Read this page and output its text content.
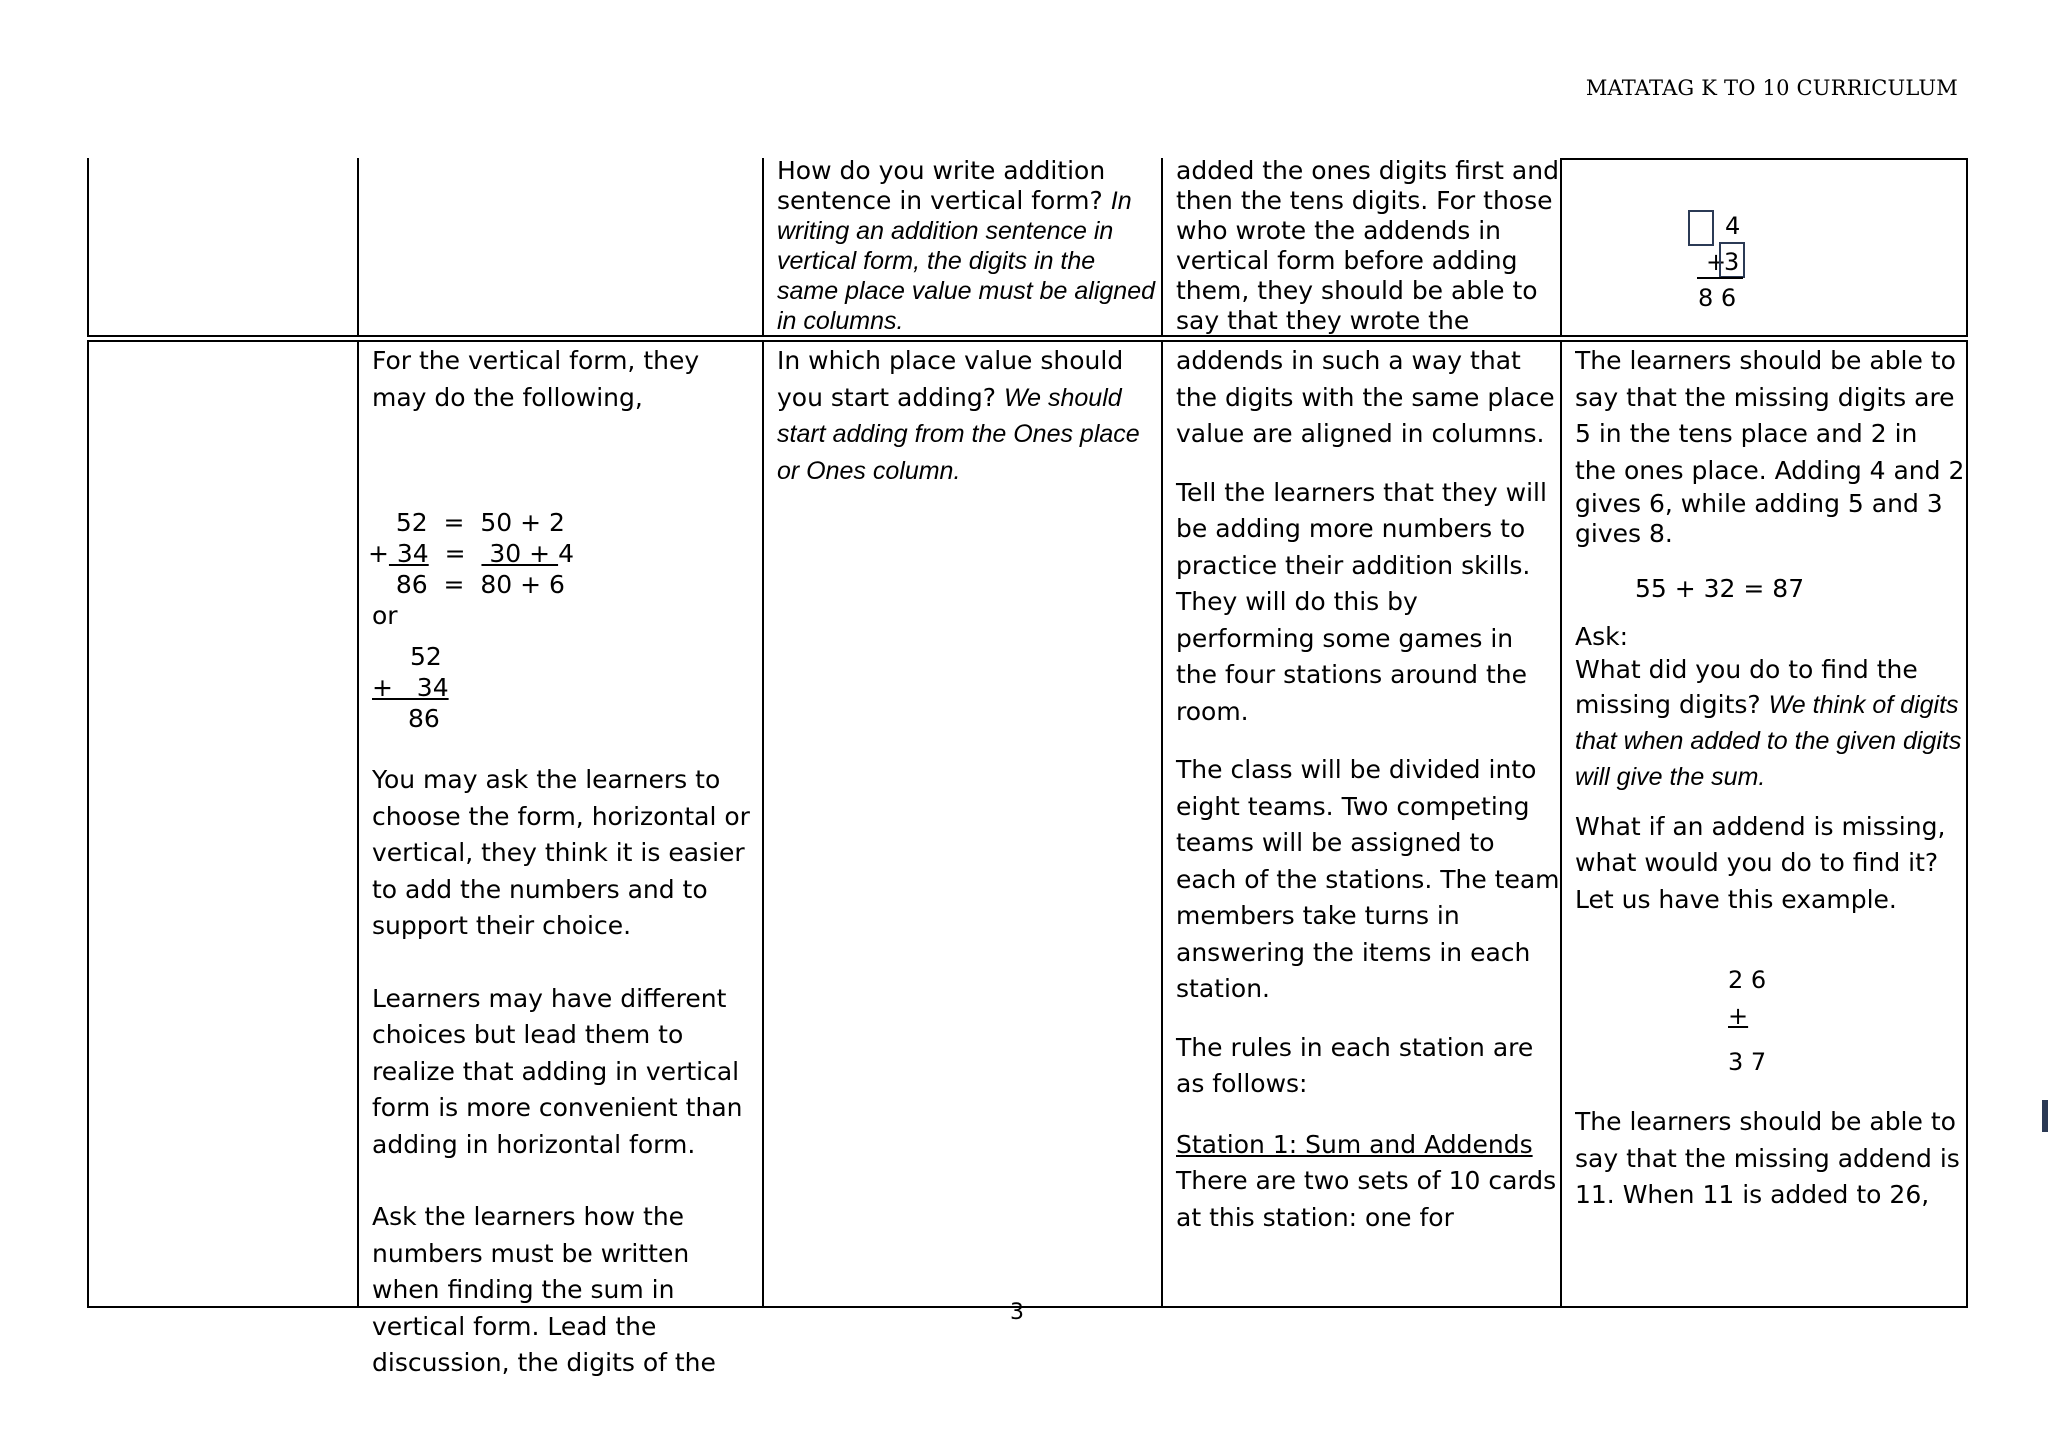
MATATAG K TO 10 CURRICULUM

How do you write addition sentence in vertical form? In writing an addition sentence in vertical form, the digits in the same place value must be aligned in columns.

added the ones digits first and then the tens digits. For those who wrote the addends in vertical form before adding them, they should be able to say that they wrote the

4
+
3
8 6

For the vertical form, they may do the following,

52  =  50 + 2
+ 34  =   30 + 4
86  =  80 + 6
or
52
+   34
86

You may ask the learners to choose the form, horizontal or vertical, they think it is easier to add the numbers and to support their choice.

Learners may have different choices but lead them to realize that adding in vertical form is more convenient than adding in horizontal form.

Ask the learners how the numbers must be written when finding the sum in vertical form. Lead the discussion, the digits of the

In which place value should you start adding? We should start adding from the Ones place or Ones column.

addends in such a way that the digits with the same place value are aligned in columns.

Tell the learners that they will be adding more numbers to practice their addition skills. They will do this by performing some games in the four stations around the room.

The class will be divided into eight teams. Two competing teams will be assigned to each of the stations. The team members take turns in answering the items in each station.

The rules in each station are as follows:

Station 1: Sum and Addends

There are two sets of 10 cards at this station: one for

The learners should be able to say that the missing digits are 5 in the tens place and 2 in the ones place. Adding 4 and 2

gives 6, while adding 5 and 3 gives 8.

55 + 32 = 87

Ask:

What did you do to find the missing digits? We think of digits that when added to the given digits will give the sum.

What if an addend is missing, what would you do to find it? Let us have this example.

2 6
+
3 7

The learners should be able to say that the missing addend is 11. When 11 is added to 26,

3
